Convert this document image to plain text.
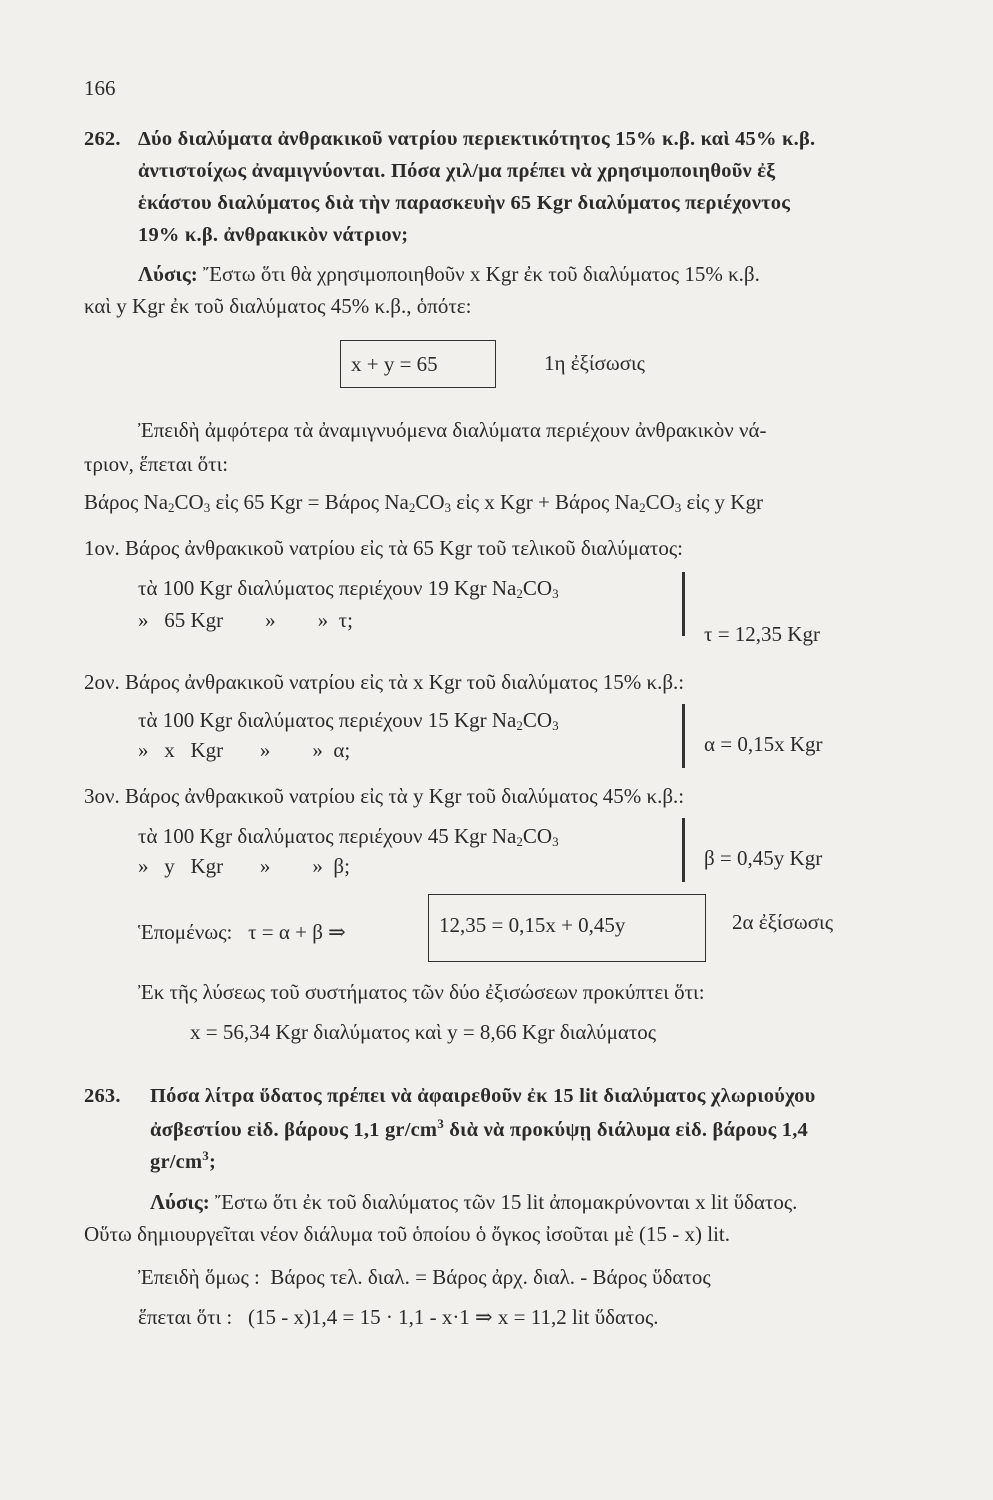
166
262. Δύο διαλύματα ἀνθρακικοῦ νατρίου περιεκτικότητος 15% κ.β. καὶ 45% κ.β.
ἀντιστοίχως ἀναμιγνύονται. Πόσα χιλ/μα πρέπει νὰ χρησιμοποιηθοῦν ἐξ
ἑκάστου διαλύματος διὰ τὴν παρασκευὴν 65 Kgr διαλύματος περιέχοντος
19% κ.β. ἀνθρακικὸν νάτριον;
Λύσις: Ἔστω ὅτι θὰ χρησιμοποιηθοῦν x Kgr ἐκ τοῦ διαλύματος 15% κ.β.
καὶ y Kgr ἐκ τοῦ διαλύματος 45% κ.β., ὁπότε:
x + y = 65	1η ἐξίσωσις
Ἐπειδὴ ἀμφότερα τὰ ἀναμιγνυόμενα διαλύματα περιέχουν ἀνθρακικὸν νά-
τριον, ἕπεται ὅτι:
Βάρος $Na_2CO_3$ εἰς 65 Kgr = Βάρος $Na_2CO_3$ εἰς x Kgr + Βάρος $Na_2CO_3$ εἰς y Kgr
1ον. Βάρος ἀνθρακικοῦ νατρίου εἰς τὰ 65 Kgr τοῦ τελικοῦ διαλύματος:
τὰ 100 Kgr διαλύματος περιέχουν 19 Kgr $Na_2CO_3$
»   65 Kgr        »        »  τ;
τ = 12,35 Kgr
2ον. Βάρος ἀνθρακικοῦ νατρίου εἰς τὰ x Kgr τοῦ διαλύματος 15% κ.β.:
τὰ 100 Kgr διαλύματος περιέχουν 15 Kgr $Na_2CO_3$
»   x   Kgr       »        »  α;	α = 0,15x Kgr
3ον. Βάρος ἀνθρακικοῦ νατρίου εἰς τὰ y Kgr τοῦ διαλύματος 45% κ.β.:
τὰ 100 Kgr διαλύματος περιέχουν 45 Kgr $Na_2CO_3$
»   y   Kgr       »        »  β;	β = 0,45y Kgr
Ἑπομένως:   τ = α + β ⇒	12,35 = 0,15x + 0,45y	2α ἐξίσωσις
Ἐκ τῆς λύσεως τοῦ συστήματος τῶν δύο ἐξισώσεων προκύπτει ὅτι:
x = 56,34 Kgr διαλύματος καὶ y = 8,66 Kgr διαλύματος
263. Πόσα λίτρα ὕδατος πρέπει νὰ ἀφαιρεθοῦν ἐκ 15 lit διαλύματος χλωριούχου
ἀσβεστίου εἰδ. βάρους 1,1 $gr/cm^3$ διὰ νὰ προκύψῃ διάλυμα εἰδ. βάρους 1,4
$gr/cm^3$;
Λύσις: Ἔστω ὅτι ἐκ τοῦ διαλύματος τῶν 15 lit ἀπομακρύνονται x lit ὕδατος.
Οὕτω δημιουργεῖται νέον διάλυμα τοῦ ὁποίου ὁ ὄγκος ἰσοῦται μὲ (15 - x) lit.
Ἐπειδὴ ὅμως :  Βάρος τελ. διαλ. = Βάρος ἀρχ. διαλ. - Βάρος ὕδατος
ἕπεται ὅτι :   (15 - x)1,4 = 15 · 1,1 - x·1 ⇒ x = 11,2 lit ὕδατος.
